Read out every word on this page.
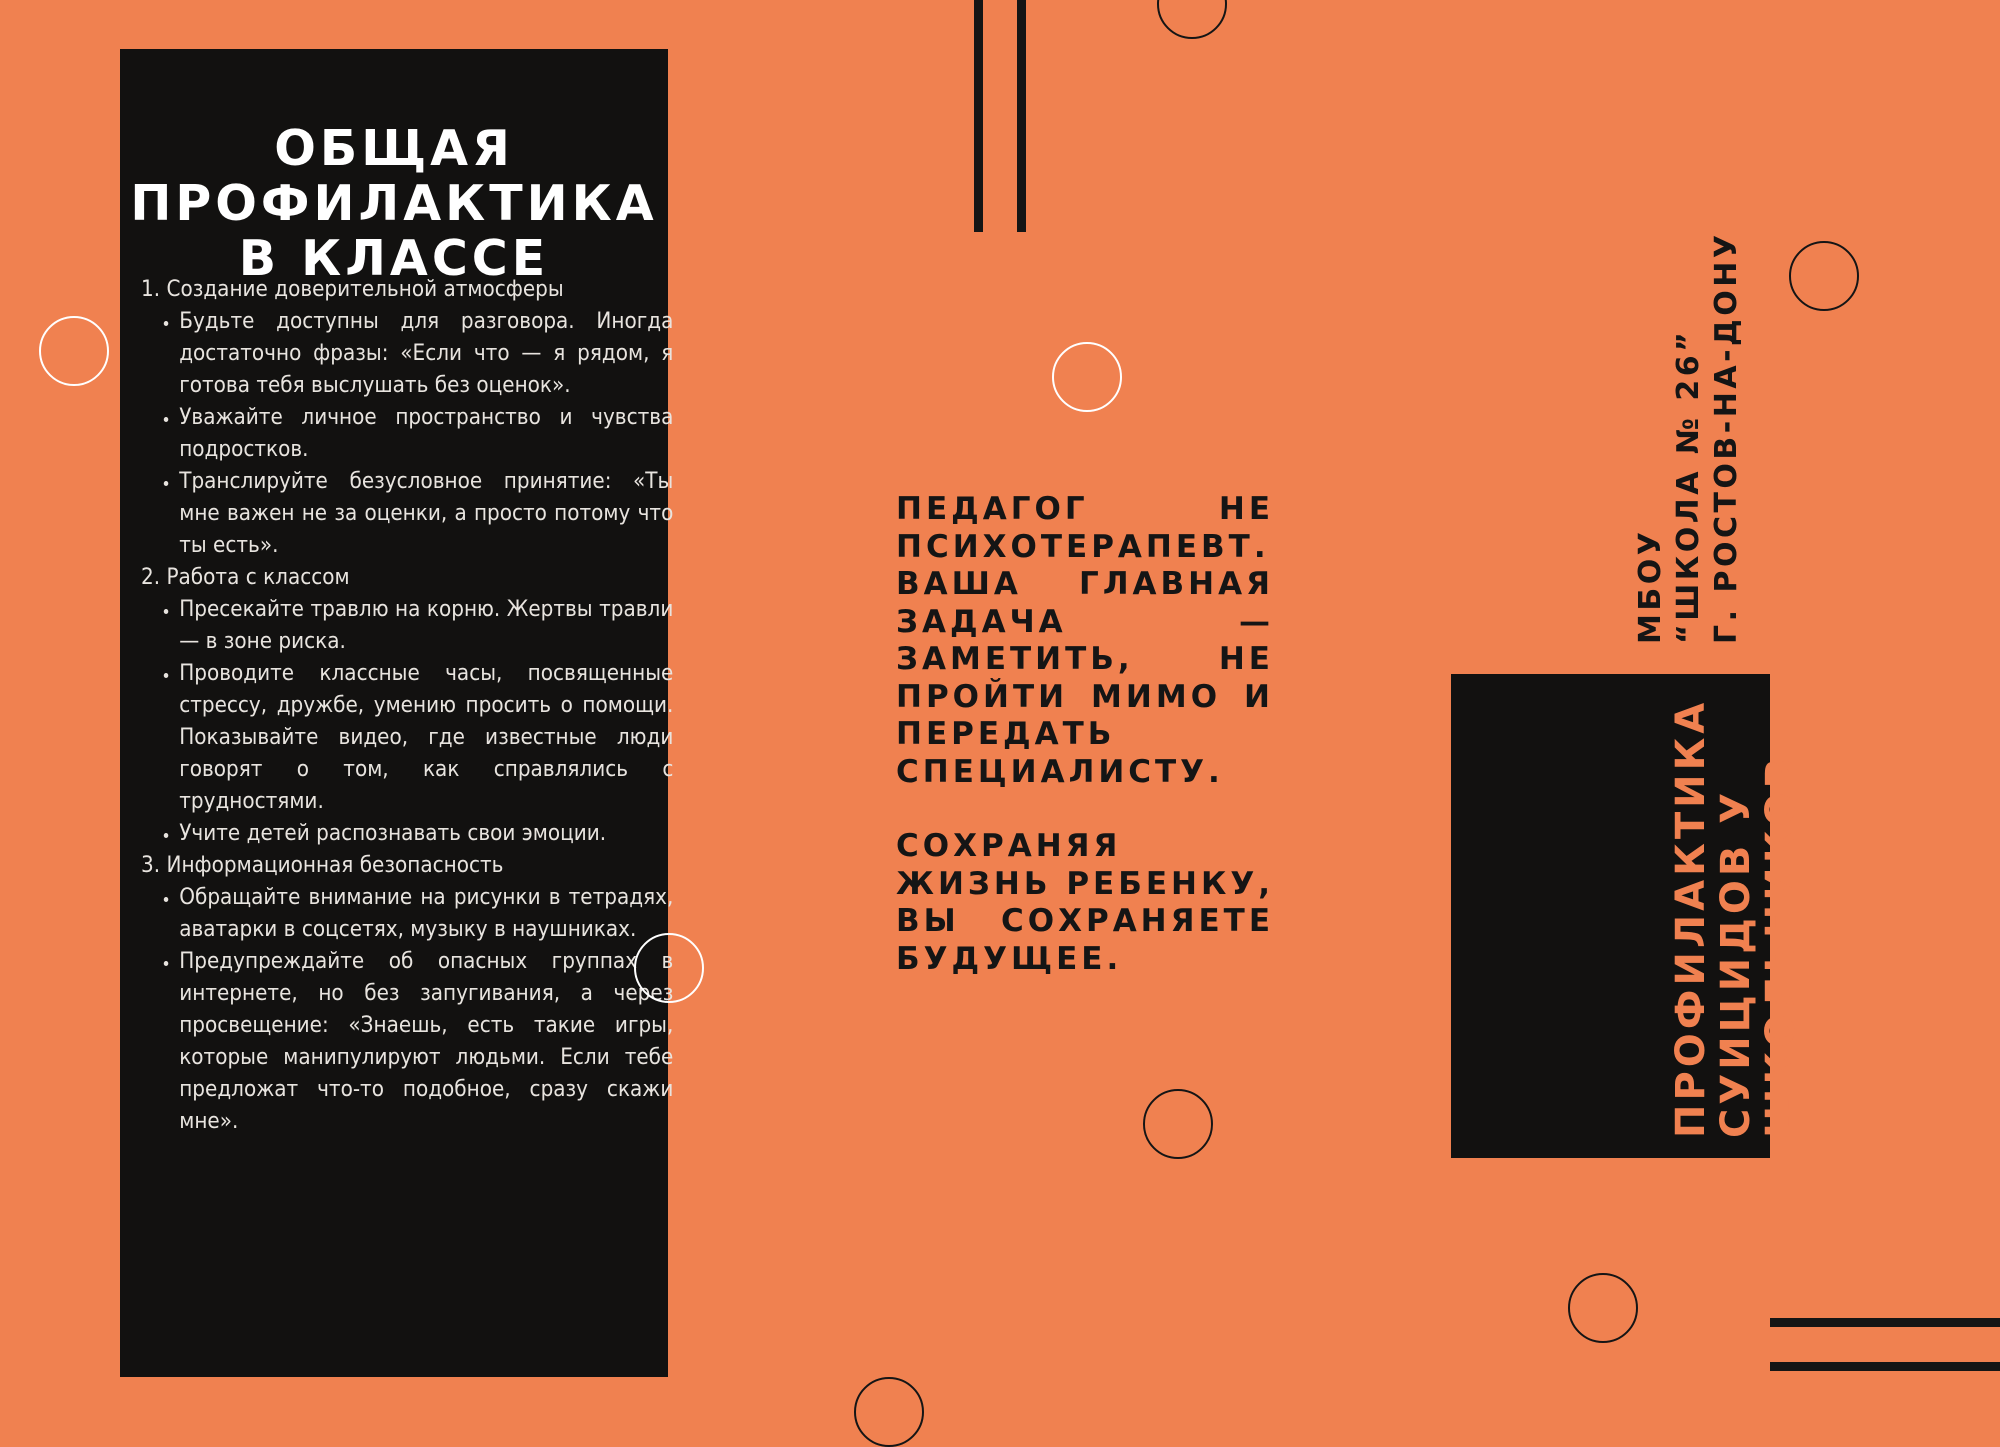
ОБЩАЯ
ПРОФИЛАКТИКА
В КЛАССЕ

1. Создание доверительной атмосферы

• Будьте доступны для разговора. Иногда достаточно фразы: «Если что — я рядом, я готова тебя выслушать без оценок».
• Уважайте личное пространство и чувства подростков.
• Транслируйте безусловное принятие: «Ты мне важен не за оценки, а просто потому что ты есть».

2. Работа с классом

• Пресекайте травлю на корню. Жертвы травли — в зоне риска.
• Проводите классные часы, посвященные стрессу, дружбе, умению просить о помощи. Показывайте видео, где известные люди говорят о том, как справлялись с трудностями.
• Учите детей распознавать свои эмоции.

3. Информационная безопасность

• Обращайте внимание на рисунки в тетрадях, аватарки в соцсетях, музыку в наушниках.
• Предупреждайте об опасных группах в интернете, но без запугивания, а через просвещение: «Знаешь, есть такие игры, которые манипулируют людьми. Если тебе предложат что-то подобное, сразу скажи мне».

ПЕДАГОГ НЕ ПСИХОТЕРАПЕВТ. ВАША ГЛАВНАЯ ЗАДАЧА — ЗАМЕТИТЬ, НЕ ПРОЙТИ МИМО И ПЕРЕДАТЬ СПЕЦИАЛИСТУ.

СОХРАНЯЯ ЖИЗНЬ РЕБЕНКУ, ВЫ СОХРАНЯЕТЕ БУДУЩЕЕ.

МБОУ “ШКОЛА № 26” Г. РОСТОВ-НА-ДОНУ
ПРОФИЛАКТИКА СУИЦИДОВ У ШКОЛЬНИКОВ
